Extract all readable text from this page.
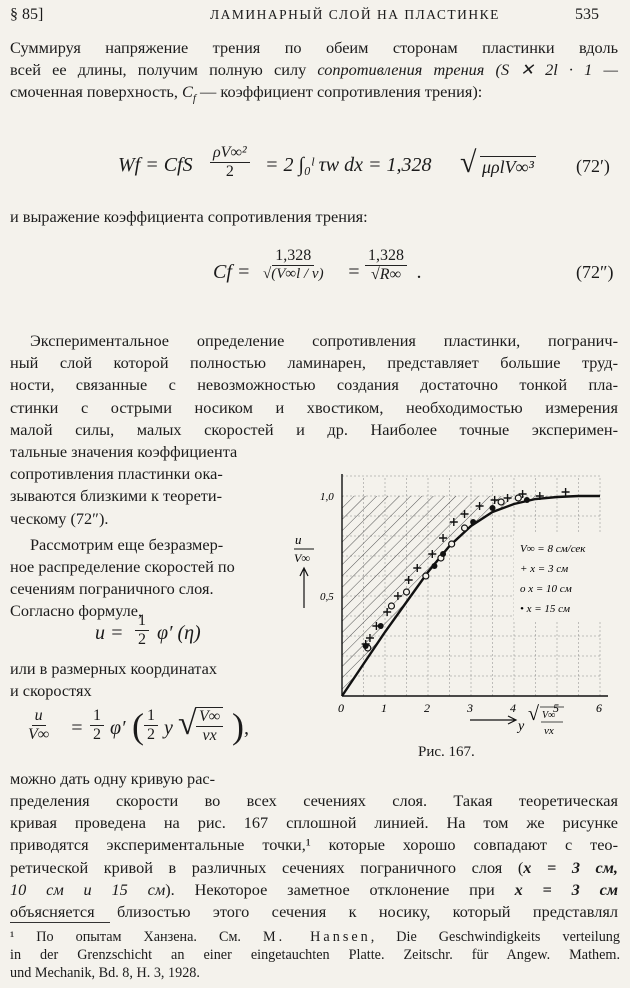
§ 85]	ЛАМИНАРНЫЙ СЛОЙ НА ПЛАСТИНКЕ	535
Суммируя напряжение трения по обеим сторонам пластинки вдоль
всей ее длины, получим полную силу сопротивления трения (S ✕ 2l · 1 —
смоченная поверхность, $C_f$ — коэффициент сопротивления трения):
Wf = CfS $\frac{\text{ρV∞²}}{2} = 2$ ∫₀ˡ τw dx = 1,328 √ μρlV∞³ (72′)
и выражение коэффициента сопротивления трения:
$Cf = \frac{1,328}{√(V\infty l / \nu)} = \frac{1,328}{√R\infty}$ .	(72″)
Экспериментальное определение сопротивления пластинки, погранич-
ный слой которой полностью ламинарен, представляет большие труд-
ности, связанные с невозможностью создания достаточно тонкой пла-
стинки с острыми носиком и хвостиком, необходимостью измерения
малой силы, малых скоростей и др. Наиболее точные эксперимен-
тальные значения коэффициента
сопротивления пластинки ока-
зываются близкими к теорети-
ческому (72″).
Рассмотрим еще безразмер-
ное распределение скоростей по
сечениям пограничного слоя.
Согласно формуле,
$u = \frac{1}{2} \varphi'$ (η)
или в размерных координатах
и скоростях
$\frac{u}{V\infty} = \frac{1}{2} \varphi'$ ( $\frac{1}{2}$ y √ $\frac{V\infty}{\nu x}$ ) ,
0	1	2	3	4	5	6
0,5
1,0
V∞ = 8 см/сек
+ x = 3 см
o x = 10 см
• x = 15 см
u
V∞
y
√ V∞
νx
Рис. 167.
можно дать одну кривую рас-
пределения скорости во всех сечениях слоя. Такая теоретическая
кривая проведена на рис. 167 сплошной линией. На том же рисунке
приводятся экспериментальные точки,¹ которые хорошо совпадают с тео-
ретической кривой в различных сечениях пограничного слоя (x = 3 см,
10 см и 15 см). Некоторое заметное отклонение при x = 3 см
объясняется близостью этого сечения к носику, который представлял
¹ По опытам Ханзена. См. M. Hansen, Die Geschwindigkeits verteilung
in der Grenzschicht an einer eingetauchten Platte. Zeitschr. für Angew. Mathem.
und Mechanik, Bd. 8, H. 3, 1928.
